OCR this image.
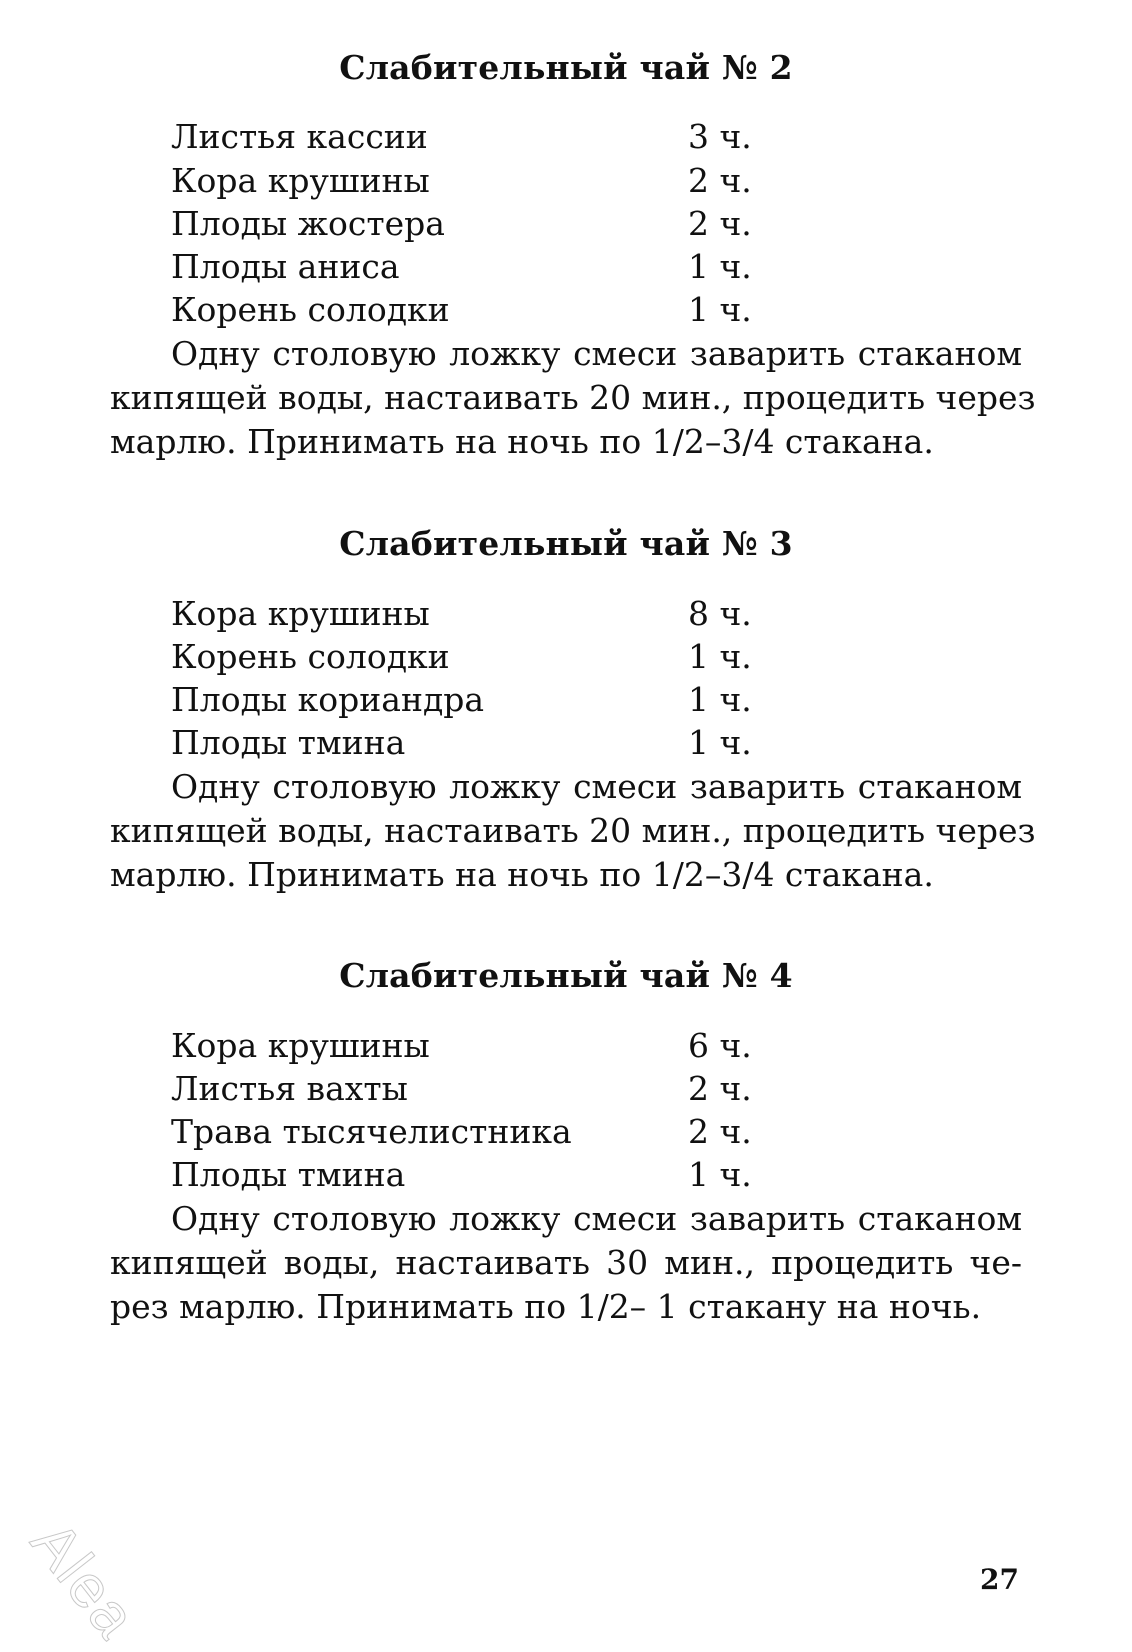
Слабительный чай № 2
Листья кассии	3 ч.
Кора крушины	2 ч.
Плоды жостера	2 ч.
Плоды аниса	1 ч.
Корень солодки	1 ч.
Одну столовую ложку смеси заварить стаканом
кипящей воды, настаивать 20 мин., процедить через
марлю. Принимать на ночь по 1/2–3/4 стакана.
Слабительный чай № 3
Кора крушины	8 ч.
Корень солодки	1 ч.
Плоды кориандра	1 ч.
Плоды тмина	1 ч.
Одну столовую ложку смеси заварить стаканом
кипящей воды, настаивать 20 мин., процедить через
марлю. Принимать на ночь по 1/2–3/4 стакана.
Слабительный чай № 4
Кора крушины	6 ч.
Листья вахты	2 ч.
Трава тысячелистника	2 ч.
Плоды тмина	1 ч.
Одну столовую ложку смеси заварить стаканом
кипящей воды, настаивать 30 мин., процедить че-
рез марлю. Принимать по 1/2– 1 стакану на ночь.
Alea	27
